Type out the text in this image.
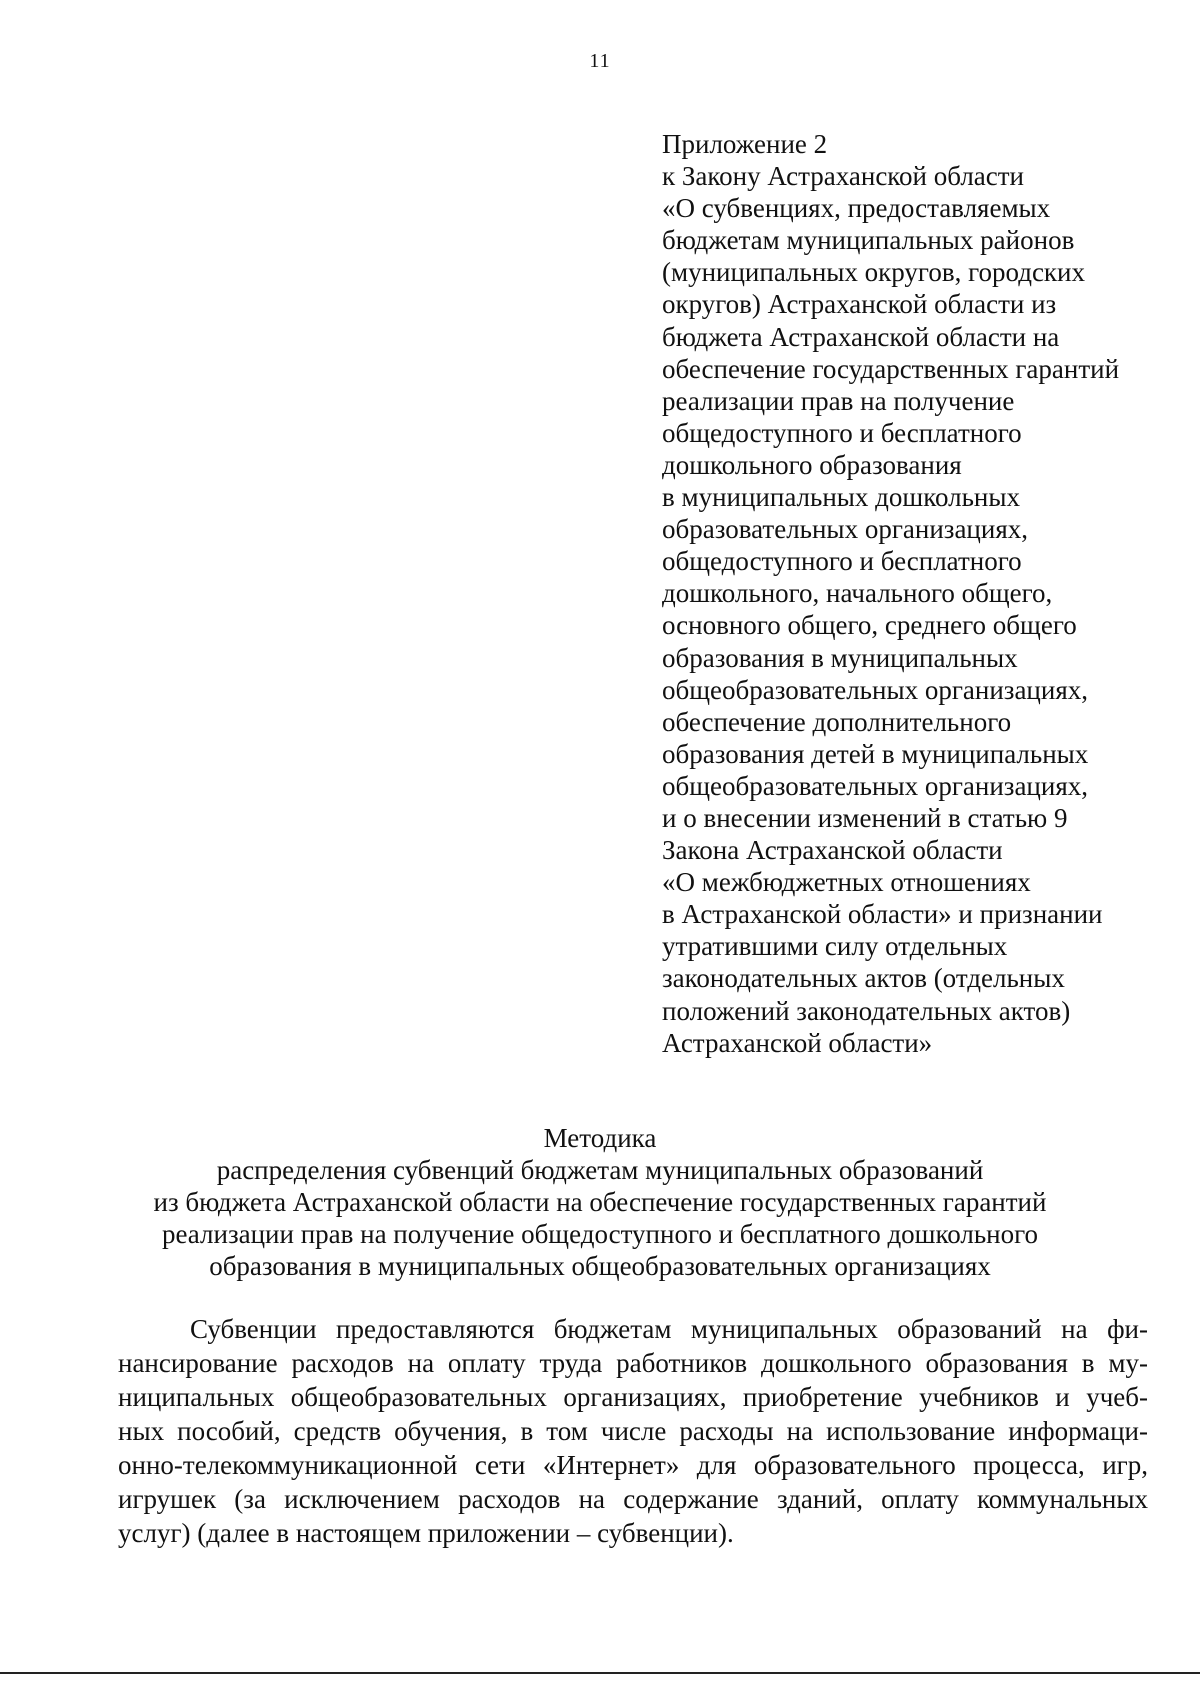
11
Приложение 2
к Закону Астраханской области
«О субвенциях, предоставляемых
бюджетам муниципальных районов
(муниципальных округов, городских
округов) Астраханской области из
бюджета Астраханской области на
обеспечение государственных гарантий
реализации прав на получение
общедоступного и бесплатного
дошкольного образования
в муниципальных дошкольных
образовательных организациях,
общедоступного и бесплатного
дошкольного, начального общего,
основного общего, среднего общего
образования в муниципальных
общеобразовательных организациях,
обеспечение дополнительного
образования детей в муниципальных
общеобразовательных организациях,
и о внесении изменений в статью 9
Закона Астраханской области
«О межбюджетных отношениях
в Астраханской области» и признании
утратившими силу отдельных
законодательных актов (отдельных
положений законодательных актов)
Астраханской области»
Методика
распределения субвенций бюджетам муниципальных образований
из бюджета Астраханской области на обеспечение государственных гарантий
реализации прав на получение общедоступного и бесплатного дошкольного
образования в муниципальных общеобразовательных организациях
Субвенции предоставляются бюджетам муниципальных образований на фи-
нансирование расходов на оплату труда работников дошкольного образования в му-
ниципальных общеобразовательных организациях, приобретение учебников и учеб-
ных пособий, средств обучения, в том числе расходы на использование информаци-
онно-телекоммуникационной сети «Интернет» для образовательного процесса, игр,
игрушек (за исключением расходов на содержание зданий, оплату коммунальных
услуг) (далее в настоящем приложении – субвенции).
